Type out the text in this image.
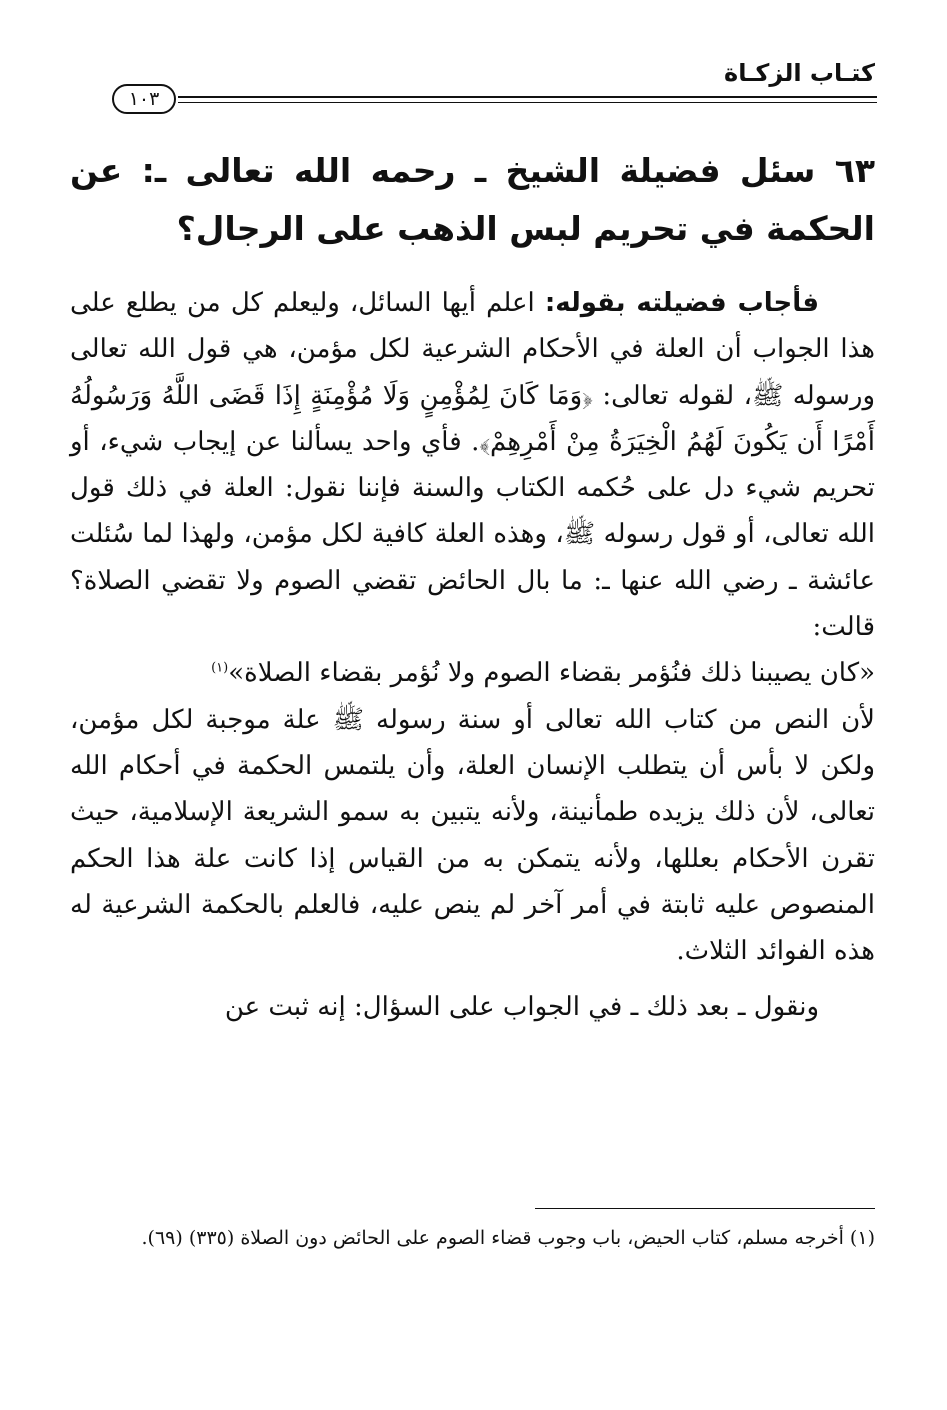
كتـاب الزكـاة
١٠٣
٦٣ سئل فضيلة الشيخ ـ رحمه الله تعالى ـ: عن الحكمة في تحريم لبس الذهب على الرجال؟

فأجاب فضيلته بقوله: اعلم أيها السائل، وليعلم كل من يطلع على هذا الجواب أن العلة في الأحكام الشرعية لكل مؤمن، هي قول الله تعالى ورسوله ﷺ، لقوله تعالى: ﴿وَمَا كَانَ لِمُؤْمِنٍ وَلَا مُؤْمِنَةٍ إِذَا قَضَى اللَّهُ وَرَسُولُهُ أَمْرًا أَن يَكُونَ لَهُمُ الْخِيَرَةُ مِنْ أَمْرِهِمْ﴾. فأي واحد يسألنا عن إيجاب شيء، أو تحريم شيء دل على حُكمه الكتاب والسنة فإننا نقول: العلة في ذلك قول الله تعالى، أو قول رسوله ﷺ، وهذه العلة كافية لكل مؤمن، ولهذا لما سُئلت عائشة ـ رضي الله عنها ـ: ما بال الحائض تقضي الصوم ولا تقضي الصلاة؟ قالت:

«كان يصيبنا ذلك فنُؤمر بقضاء الصوم ولا نُؤمر بقضاء الصلاة»$^{(١)}$

لأن النص من كتاب الله تعالى أو سنة رسوله ﷺ علة موجبة لكل مؤمن، ولكن لا بأس أن يتطلب الإنسان العلة، وأن يلتمس الحكمة في أحكام الله تعالى، لأن ذلك يزيده طمأنينة، ولأنه يتبين به سمو الشريعة الإسلامية، حيث تقرن الأحكام بعللها، ولأنه يتمكن به من القياس إذا كانت علة هذا الحكم المنصوص عليه ثابتة في أمر آخر لم ينص عليه، فالعلم بالحكمة الشرعية له هذه الفوائد الثلاث.

ونقول ـ بعد ذلك ـ في الجواب على السؤال: إنه ثبت عن

(١) أخرجه مسلم، كتاب الحيض، باب وجوب قضاء الصوم على الحائض دون الصلاة (٣٣٥) (٦٩).
